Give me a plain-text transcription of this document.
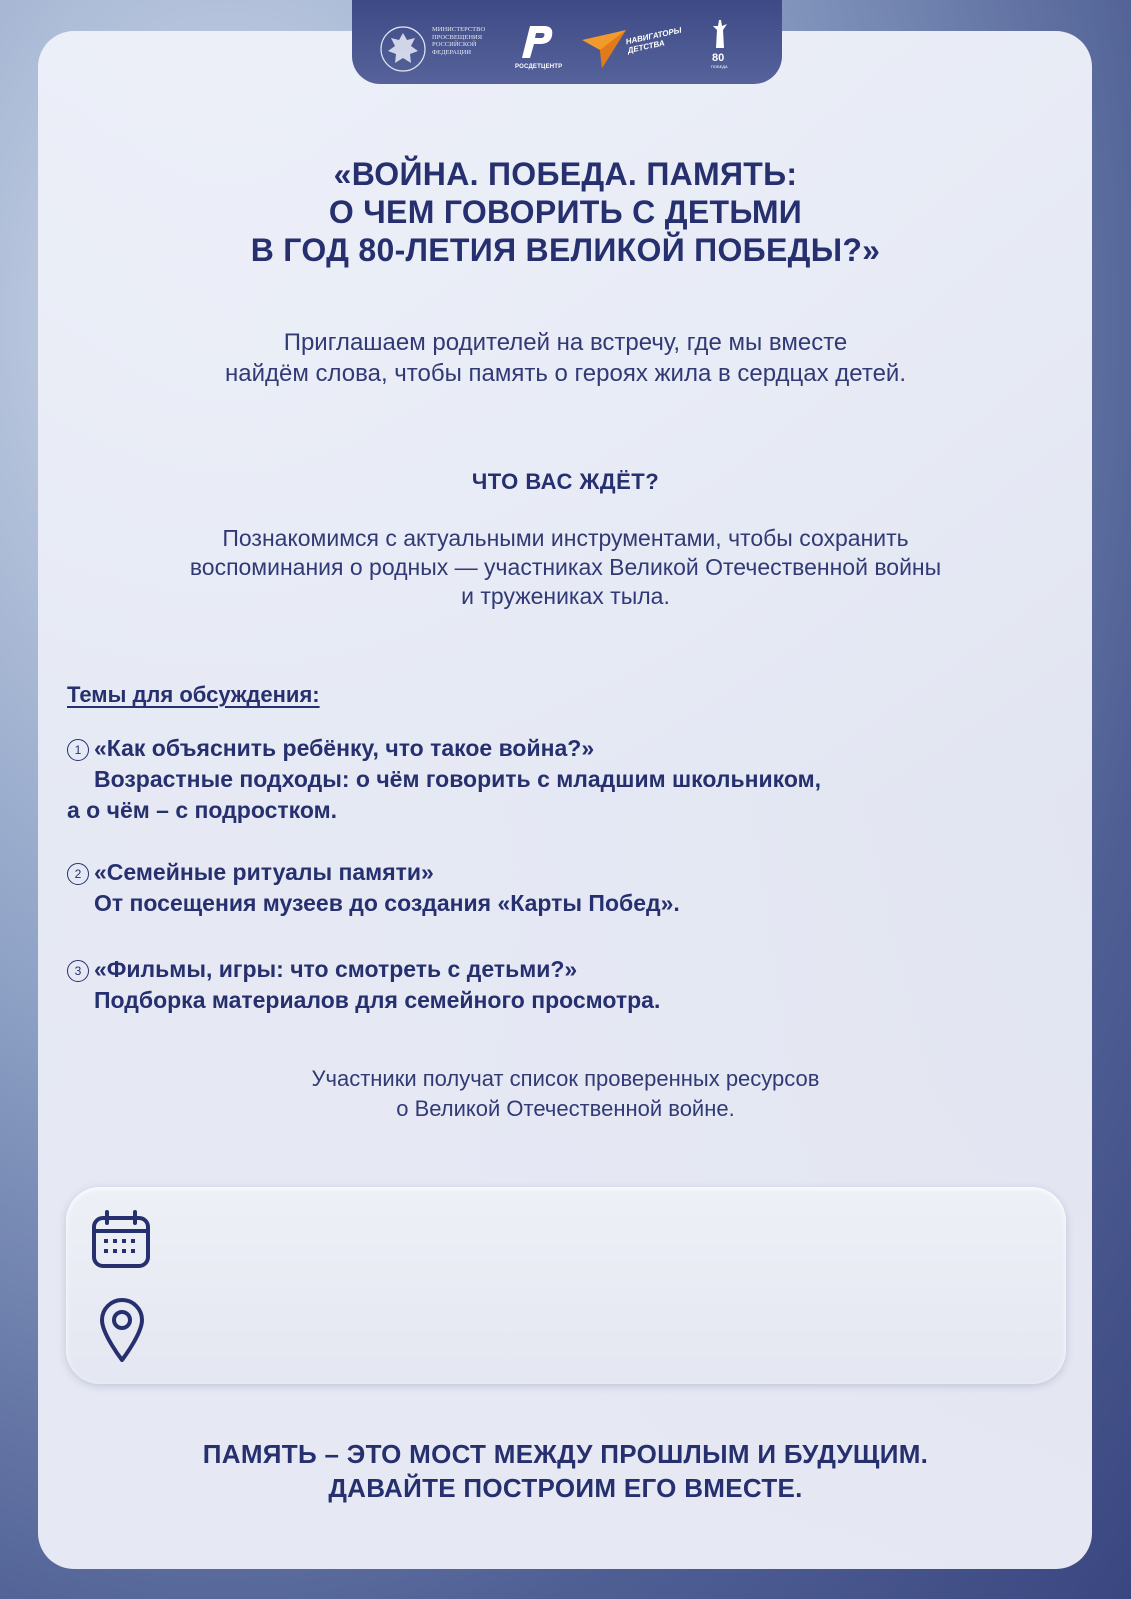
МИНИСТЕРСТВО ПРОСВЕЩЕНИЯ РОССИЙСКОЙ ФЕДЕРАЦИИ
РОСДЕТЦЕНТР
НАВИГАТОРЫ ДЕТСТВА
80
ПОБЕДА
«ВОЙНА. ПОБЕДА. ПАМЯТЬ:
О ЧЕМ ГОВОРИТЬ С ДЕТЬМИ
В ГОД 80-ЛЕТИЯ ВЕЛИКОЙ ПОБЕДЫ?»
Приглашаем родителей на встречу, где мы вместе
найдём слова, чтобы память о героях жила в сердцах детей.
ЧТО ВАС ЖДЁТ?
Познакомимся с актуальными инструментами, чтобы сохранить
воспоминания о родных — участниках Великой Отечественной войны
и тружениках тыла.
Темы для обсуждения:
1 «Как объяснить ребёнку, что такое война?»
Возрастные подходы: о чём говорить с младшим школьником,
а о чём – с подростком.
2 «Семейные ритуалы памяти»
От посещения музеев до создания «Карты Побед».
3 «Фильмы, игры: что смотреть с детьми?»
Подборка материалов для семейного просмотра.
Участники получат список проверенных ресурсов
о Великой Отечественной войне.
ПАМЯТЬ – ЭТО МОСТ МЕЖДУ ПРОШЛЫМ И БУДУЩИМ.
ДАВАЙТЕ ПОСТРОИМ ЕГО ВМЕСТЕ.
